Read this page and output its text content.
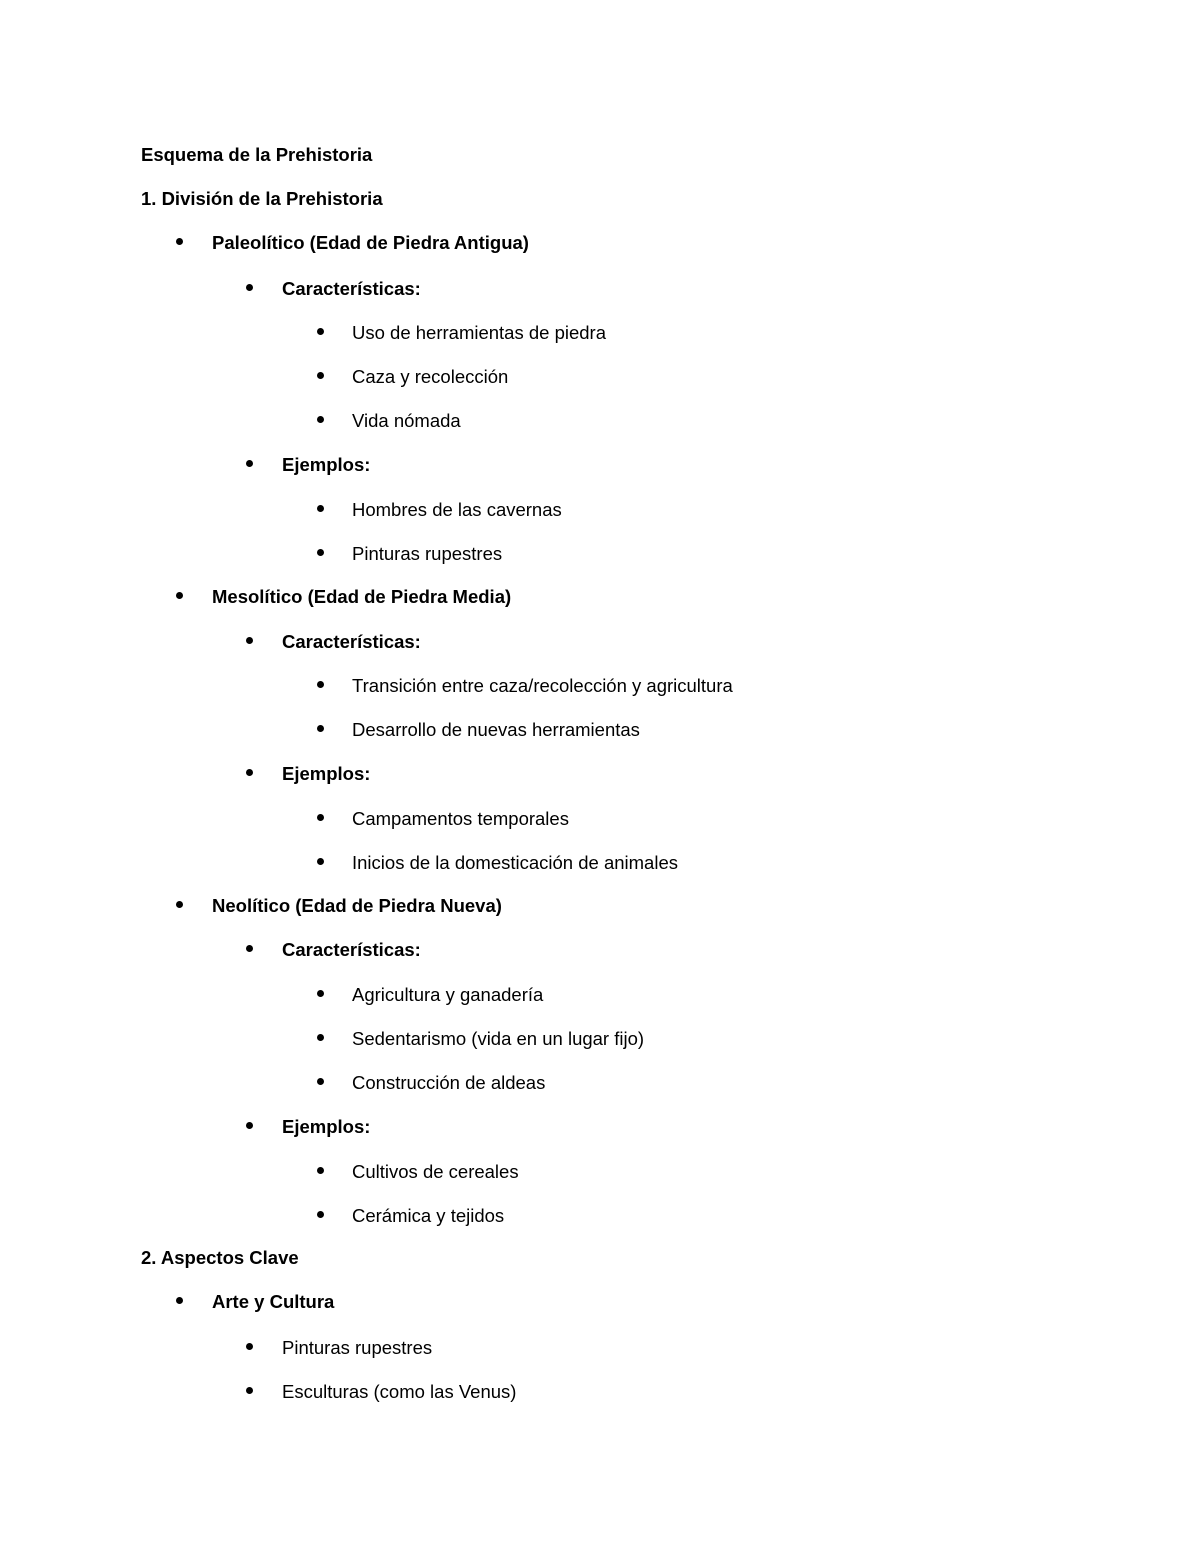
Esquema de la Prehistoria
1. División de la Prehistoria
Paleolítico (Edad de Piedra Antigua)
Características:
Uso de herramientas de piedra
Caza y recolección
Vida nómada
Ejemplos:
Hombres de las cavernas
Pinturas rupestres
Mesolítico (Edad de Piedra Media)
Características:
Transición entre caza/recolección y agricultura
Desarrollo de nuevas herramientas
Ejemplos:
Campamentos temporales
Inicios de la domesticación de animales
Neolítico (Edad de Piedra Nueva)
Características:
Agricultura y ganadería
Sedentarismo (vida en un lugar fijo)
Construcción de aldeas
Ejemplos:
Cultivos de cereales
Cerámica y tejidos
2. Aspectos Clave
Arte y Cultura
Pinturas rupestres
Esculturas (como las Venus)
